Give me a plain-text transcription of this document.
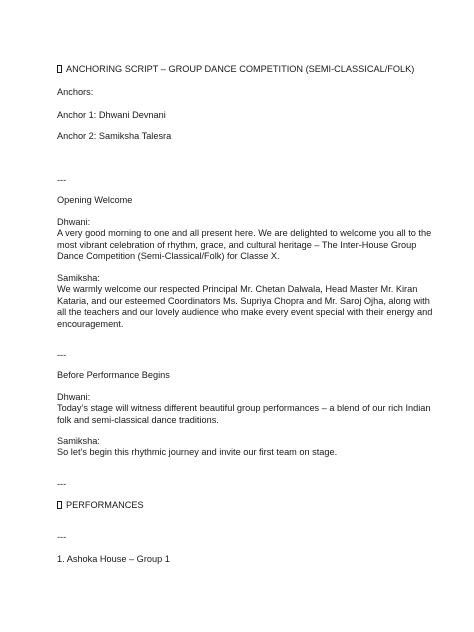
ANCHORING SCRIPT – GROUP DANCE COMPETITION (SEMI-CLASSICAL/FOLK)

Anchors:

Anchor 1: Dhwani Devnani

Anchor 2: Samiksha Talesra

---

Opening Welcome

Dhwani:

A very good morning to one and all present here. We are delighted to welcome you all to the

most vibrant celebration of rhythm, grace, and cultural heritage – The Inter-House Group

Dance Competition (Semi-Classical/Folk) for Classe X.

Samiksha:

We warmly welcome our respected Principal Mr. Chetan Dalwala, Head Master Mr. Kiran

Kataria, and our esteemed Coordinators Ms. Supriya Chopra and Mr. Saroj Ojha, along with

all the teachers and our lovely audience who make every event special with their energy and

encouragement.

---

Before Performance Begins

Dhwani:

Today’s stage will witness different beautiful group performances – a blend of our rich Indian

folk and semi-classical dance traditions.

Samiksha:

So let’s begin this rhythmic journey and invite our first team on stage.

---

PERFORMANCES

---

1. Ashoka House – Group 1
